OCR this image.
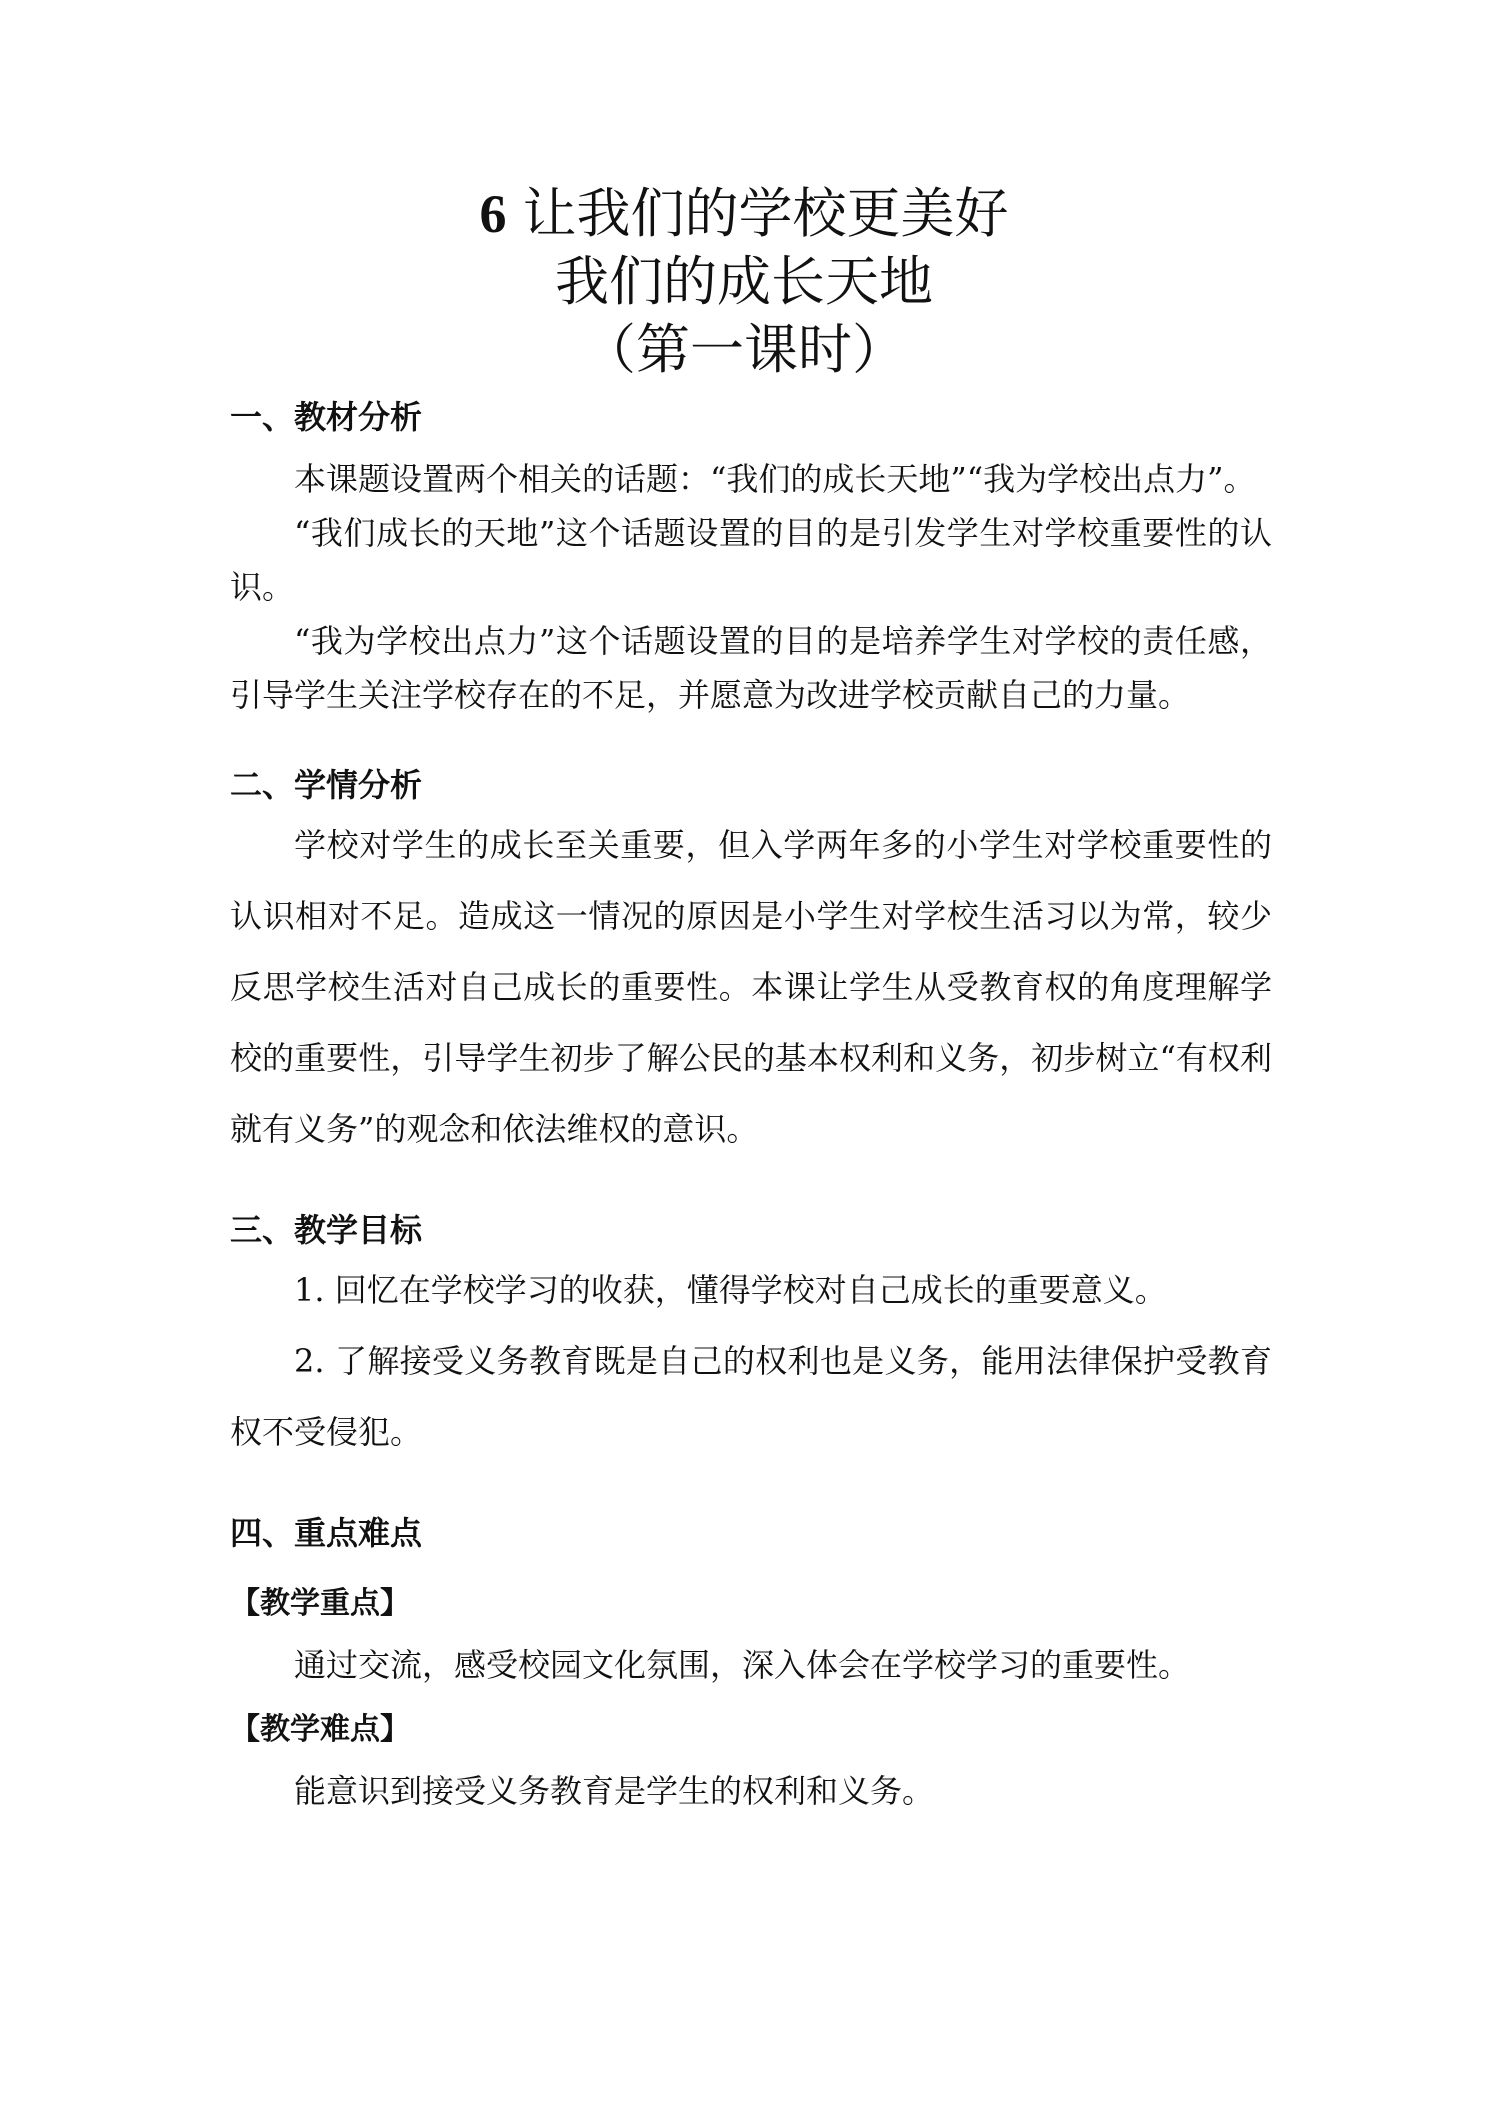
6 让我们的学校更美好
我们的成长天地
（第一课时）
一、教材分析

本课题设置两个相关的话题：“我们的成长天地”“我为学校出点力”。

“我们成长的天地”这个话题设置的目的是引发学生对学校重要性的认识。

“我为学校出点力”这个话题设置的目的是培养学生对学校的责任感，引导学生关注学校存在的不足，并愿意为改进学校贡献自己的力量。

二、学情分析

学校对学生的成长至关重要，但入学两年多的小学生对学校重要性的认识相对不足。造成这一情况的原因是小学生对学校生活习以为常，较少反思学校生活对自己成长的重要性。本课让学生从受教育权的角度理解学校的重要性，引导学生初步了解公民的基本权利和义务，初步树立“有权利就有义务”的观念和依法维权的意识。

三、教学目标

1. 回忆在学校学习的收获，懂得学校对自己成长的重要意义。

2. 了解接受义务教育既是自己的权利也是义务，能用法律保护受教育权不受侵犯。

四、重点难点
【教学重点】

通过交流，感受校园文化氛围，深入体会在学校学习的重要性。

【教学难点】

能意识到接受义务教育是学生的权利和义务。
